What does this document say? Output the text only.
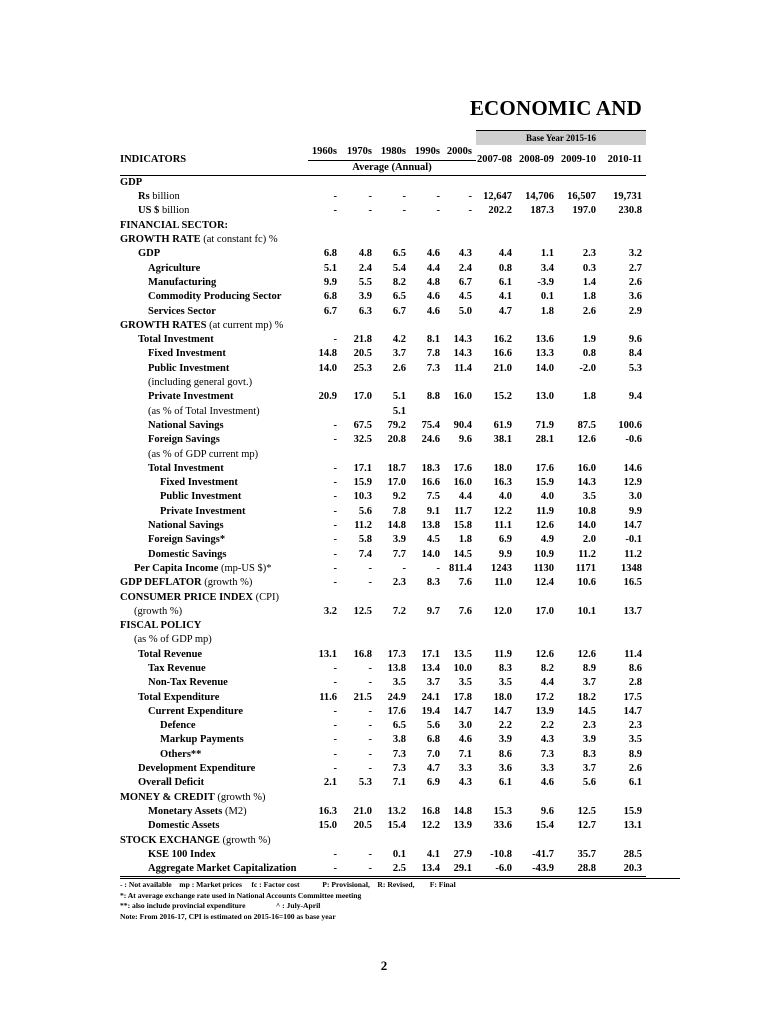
ECONOMIC AND
						Base Year 2015-16			
INDICATORS	1960s	1970s	1980s	1990s	2000s	2007-08	2008-09	2009-10	2010-11
	Average (Annual)								
GDP									
Rs billion	-	-	-	-	-	12,647	14,706	16,507	19,731
US $ billion	-	-	-	-	-	202.2	187.3	197.0	230.8
FINANCIAL SECTOR:									
GROWTH RATE (at constant fc) %									
GDP	6.8	4.8	6.5	4.6	4.3	4.4	1.1	2.3	3.2
Agriculture	5.1	2.4	5.4	4.4	2.4	0.8	3.4	0.3	2.7
Manufacturing	9.9	5.5	8.2	4.8	6.7	6.1	-3.9	1.4	2.6
Commodity Producing Sector	6.8	3.9	6.5	4.6	4.5	4.1	0.1	1.8	3.6
Services Sector	6.7	6.3	6.7	4.6	5.0	4.7	1.8	2.6	2.9
GROWTH RATES (at current mp) %									
Total Investment	-	21.8	4.2	8.1	14.3	16.2	13.6	1.9	9.6
Fixed Investment	14.8	20.5	3.7	7.8	14.3	16.6	13.3	0.8	8.4
Public Investment	14.0	25.3	2.6	7.3	11.4	21.0	14.0	-2.0	5.3
(including general govt.)									
Private Investment	20.9	17.0	5.1	8.8	16.0	15.2	13.0	1.8	9.4
(as % of Total Investment)			5.1						
National Savings	-	67.5	79.2	75.4	90.4	61.9	71.9	87.5	100.6
Foreign Savings	-	32.5	20.8	24.6	9.6	38.1	28.1	12.6	-0.6
(as % of GDP current mp)									
Total Investment	-	17.1	18.7	18.3	17.6	18.0	17.6	16.0	14.6
Fixed Investment	-	15.9	17.0	16.6	16.0	16.3	15.9	14.3	12.9
Public Investment	-	10.3	9.2	7.5	4.4	4.0	4.0	3.5	3.0
Private Investment	-	5.6	7.8	9.1	11.7	12.2	11.9	10.8	9.9
National Savings	-	11.2	14.8	13.8	15.8	11.1	12.6	14.0	14.7
Foreign Savings*	-	5.8	3.9	4.5	1.8	6.9	4.9	2.0	-0.1
Domestic Savings	-	7.4	7.7	14.0	14.5	9.9	10.9	11.2	11.2
Per Capita Income (mp-US $)*	-	-	-	-	811.4	1243	1130	1171	1348
GDP DEFLATOR (growth %)	-	-	2.3	8.3	7.6	11.0	12.4	10.6	16.5
CONSUMER PRICE INDEX (CPI)									
(growth %)	3.2	12.5	7.2	9.7	7.6	12.0	17.0	10.1	13.7
FISCAL POLICY									
(as % of GDP mp)									
Total Revenue	13.1	16.8	17.3	17.1	13.5	11.9	12.6	12.6	11.4
Tax Revenue	-	-	13.8	13.4	10.0	8.3	8.2	8.9	8.6
Non-Tax Revenue	-	-	3.5	3.7	3.5	3.5	4.4	3.7	2.8
Total Expenditure	11.6	21.5	24.9	24.1	17.8	18.0	17.2	18.2	17.5
Current Expenditure	-	-	17.6	19.4	14.7	14.7	13.9	14.5	14.7
Defence	-	-	6.5	5.6	3.0	2.2	2.2	2.3	2.3
Markup Payments	-	-	3.8	6.8	4.6	3.9	4.3	3.9	3.5
Others**	-	-	7.3	7.0	7.1	8.6	7.3	8.3	8.9
Development Expenditure	-	-	7.3	4.7	3.3	3.6	3.3	3.7	2.6
Overall Deficit	2.1	5.3	7.1	6.9	4.3	6.1	4.6	5.6	6.1
MONEY & CREDIT (growth %)									
Monetary Assets (M2)	16.3	21.0	13.2	16.8	14.8	15.3	9.6	12.5	15.9
Domestic Assets	15.0	20.5	15.4	12.2	13.9	33.6	15.4	12.7	13.1
STOCK EXCHANGE (growth %)									
KSE 100 Index	-	-	0.1	4.1	27.9	-10.8	-41.7	35.7	28.5
Aggregate Market Capitalization	-	-	2.5	13.4	29.1	-6.0	-43.9	28.8	20.3
- : Not available    mp : Market prices     fc : Factor cost            P: Provisional,    R: Revised,        F: Final
*: At average exchange rate used in National Accounts Committee meeting
**: also include provincial expenditure                ^ : July-April
Note: From 2016-17, CPI is estimated on 2015-16=100 as base year
2
